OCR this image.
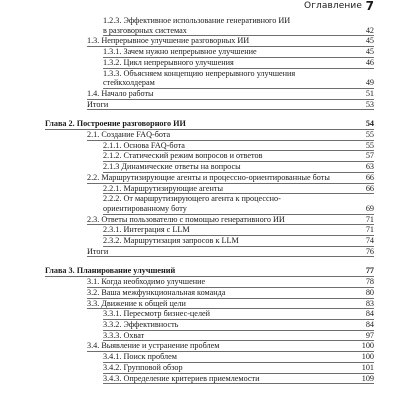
Оглавление 7
1.2.3. Эффективное использование генеративного ИИ
в разговорных системах	42
1.3. Непрерывное улучшение разговорных ИИ	45
1.3.1. Зачем нужно непрерывное улучшение	45
1.3.2. Цикл непрерывного улучшения	46
1.3.3. Объясняем концепцию непрерывного улучшения
стейкхолдерам	49
1.4. Начало работы	51
Итоги	53
Глава 2. Построение разговорного ИИ	54
2.1. Создание FAQ-бота	55
2.1.1. Основа FAQ-бота	55
2.1.2. Статический режим вопросов и ответов	57
2.1.3 Динамические ответы на вопросы	63
2.2. Маршрутизирующие агенты и процессно-ориентированные боты	66
2.2.1. Маршрутизирующие агенты	66
2.2.2. От маршрутизирующего агента к процессно-
ориентированному боту	69
2.3. Ответы пользователю с помощью генеративного ИИ	71
2.3.1. Интеграция с LLM	71
2.3.2. Маршрутизация запросов к LLM	74
Итоги	76
Глава 3. Планирование улучшений	77
3.1. Когда необходимо улучшение	78
3.2. Ваша межфункциональная команда	80
3.3. Движение к общей цели	83
3.3.1. Пересмотр бизнес-целей	84
3.3.2. Эффективность	84
3.3.3. Охват	97
3.4. Выявление и устранение проблем	100
3.4.1. Поиск проблем	100
3.4.2. Групповой обзор	101
3.4.3. Определение критериев приемлемости	109
